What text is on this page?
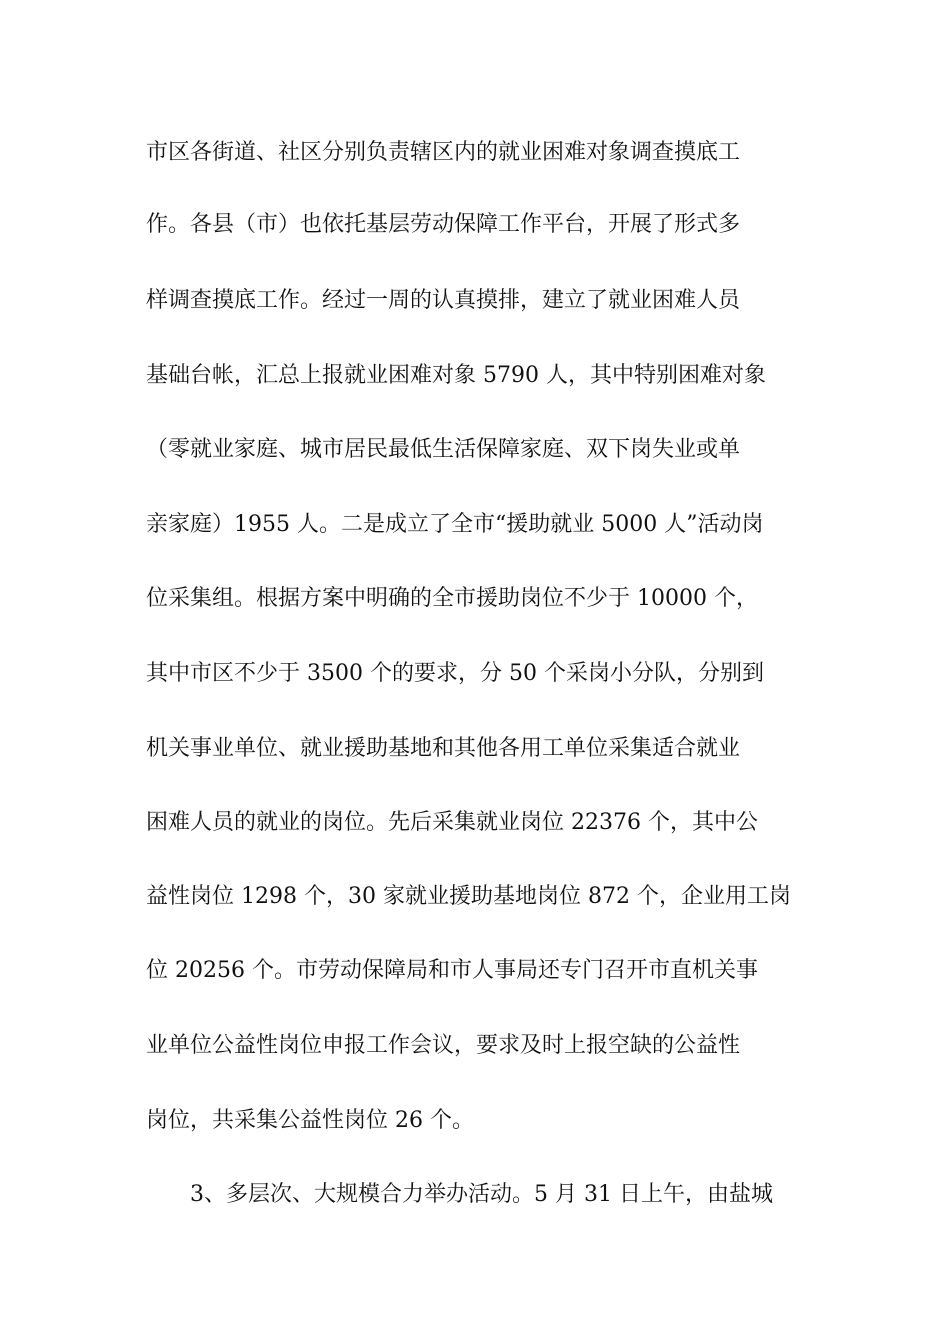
市区各街道、社区分别负责辖区内的就业困难对象调查摸底工
作。各县（市）也依托基层劳动保障工作平台，开展了形式多
样调查摸底工作。经过一周的认真摸排，建立了就业困难人员
基础台帐，汇总上报就业困难对象 5790 人，其中特别困难对象
（零就业家庭、城市居民最低生活保障家庭、双下岗失业或单
亲家庭）1955 人。二是成立了全市“援助就业 5000 人”活动岗
位采集组。根据方案中明确的全市援助岗位不少于 10000 个，
其中市区不少于 3500 个的要求，分 50 个采岗小分队，分别到
机关事业单位、就业援助基地和其他各用工单位采集适合就业
困难人员的就业的岗位。先后采集就业岗位 22376 个，其中公
益性岗位 1298 个，30 家就业援助基地岗位 872 个，企业用工岗
位 20256 个。市劳动保障局和市人事局还专门召开市直机关事
业单位公益性岗位申报工作会议，要求及时上报空缺的公益性
岗位，共采集公益性岗位 26 个。
3、多层次、大规模合力举办活动。5 月 31 日上午，由盐城
